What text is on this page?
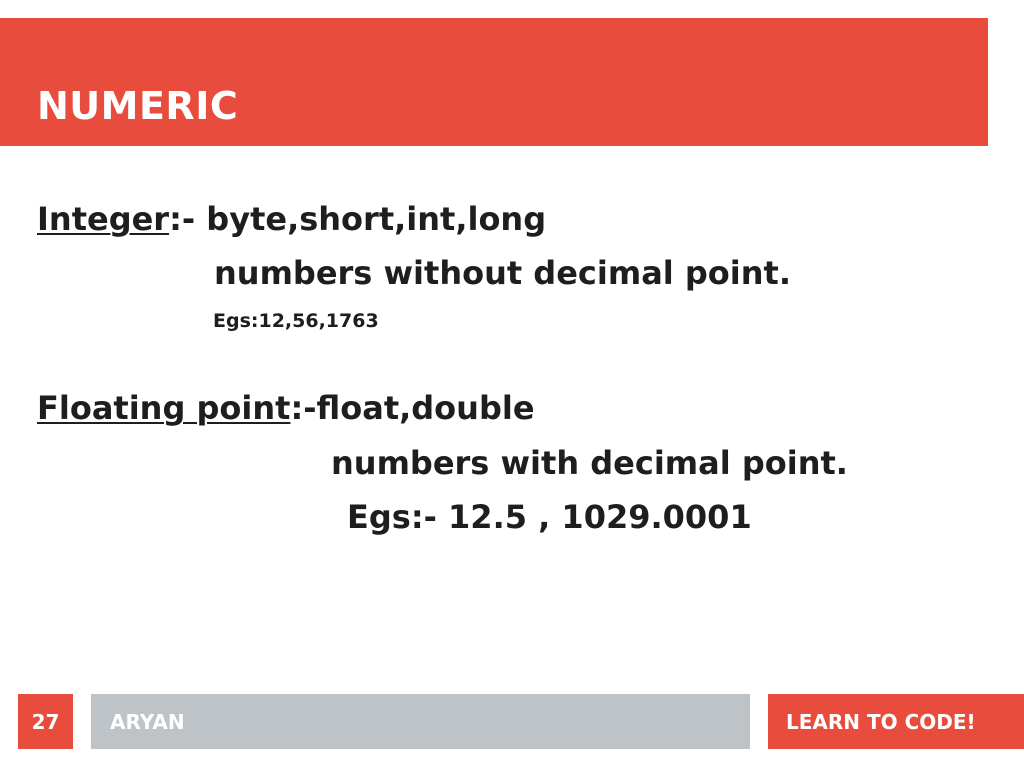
NUMERIC
Integer:- byte,short,int,long
numbers without decimal point.
Egs:12,56,1763
Floating point:-float,double
numbers with decimal point.
Egs:- 12.5 , 1029.0001
27	ARYAN	LEARN TO CODE!
